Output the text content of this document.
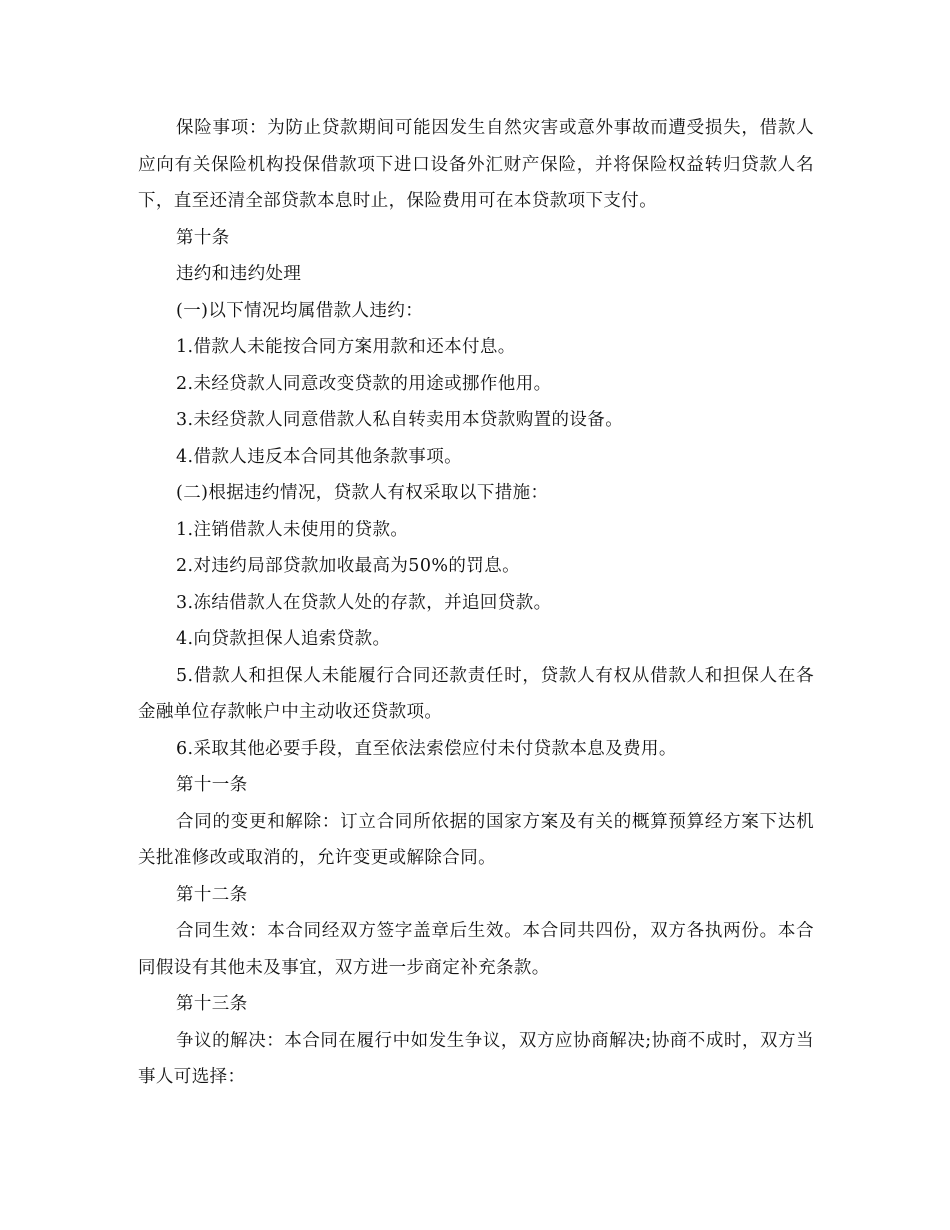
保险事项：为防止贷款期间可能因发生自然灾害或意外事故而遭受损失，借款人应向有关保险机构投保借款项下进口设备外汇财产保险，并将保险权益转归贷款人名下，直至还清全部贷款本息时止，保险费用可在本贷款项下支付。

第十条

违约和违约处理

(一)以下情况均属借款人违约：

1.借款人未能按合同方案用款和还本付息。

2.未经贷款人同意改变贷款的用途或挪作他用。

3.未经贷款人同意借款人私自转卖用本贷款购置的设备。

4.借款人违反本合同其他条款事项。

(二)根据违约情况，贷款人有权采取以下措施：

1.注销借款人未使用的贷款。

2.对违约局部贷款加收最高为50%的罚息。

3.冻结借款人在贷款人处的存款，并追回贷款。

4.向贷款担保人追索贷款。

5.借款人和担保人未能履行合同还款责任时，贷款人有权从借款人和担保人在各金融单位存款帐户中主动收还贷款项。

6.采取其他必要手段，直至依法索偿应付未付贷款本息及费用。

第十一条

合同的变更和解除：订立合同所依据的国家方案及有关的概算预算经方案下达机关批准修改或取消的，允许变更或解除合同。

第十二条

合同生效：本合同经双方签字盖章后生效。本合同共四份，双方各执两份。本合同假设有其他未及事宜，双方进一步商定补充条款。

第十三条

争议的解决：本合同在履行中如发生争议，双方应协商解决;协商不成时，双方当事人可选择：
